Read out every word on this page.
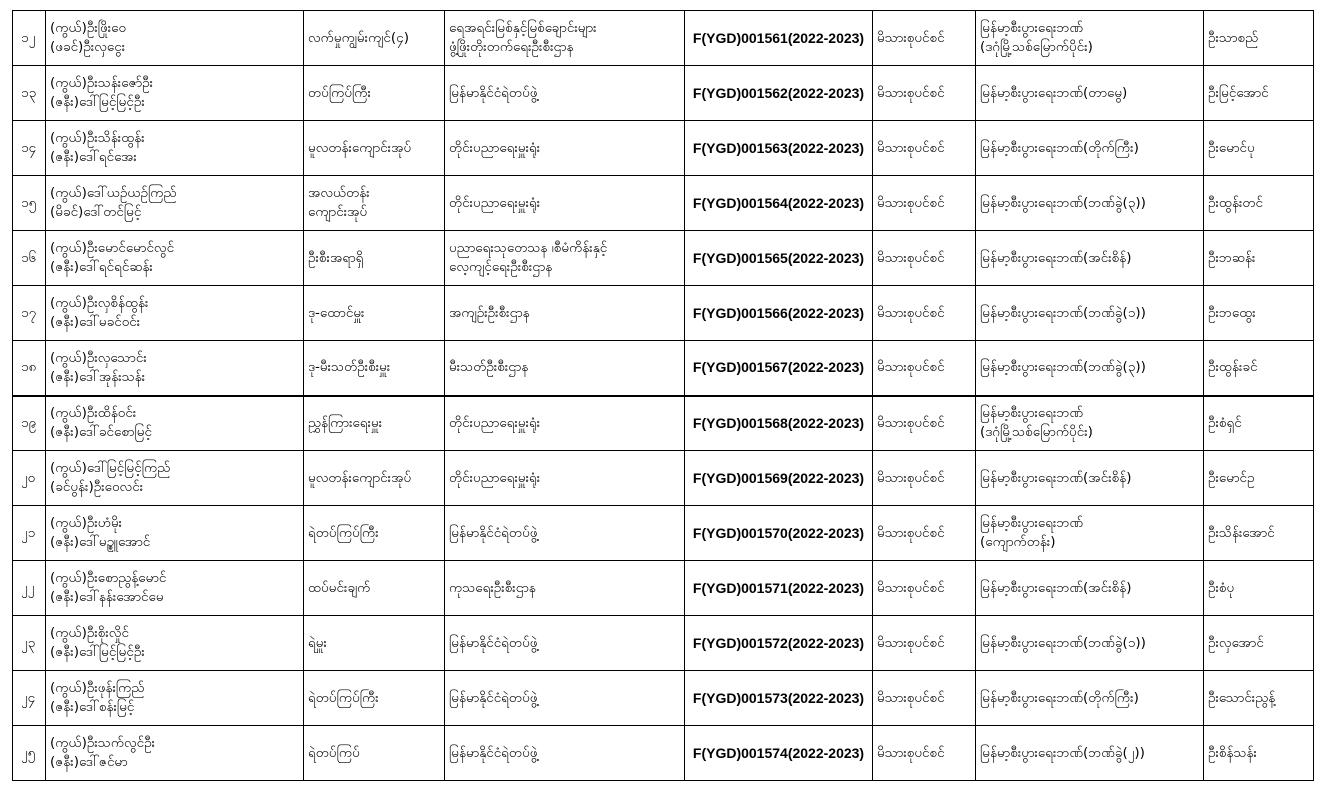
၁၂	(ကွယ်)ဦးဖြိုးဝေ
(ဖခင်)ဦးလှငွေး	လက်မှုကျွမ်းကျင်(၄)	ရေအရင်းမြစ်နှင့်မြစ်ချောင်းများ
ဖွံ့ဖြိုးတိုးတက်ရေးဦးစီးဌာန	F(YGD)001561(2022-2023)	မိသားစုပင်စင်	မြန်မာ့စီးပွားရေးဘဏ်
(ဒဂုံမြို့သစ်မြောက်ပိုင်း)	ဦးသာစည်
၁၃	(ကွယ်)ဦးသန်းဇော်ဦး
(ဇနီး)ဒေါ်မြင့်မြင့်ဦး	တပ်ကြပ်ကြီး	မြန်မာနိုင်ငံရဲတပ်ဖွဲ့	F(YGD)001562(2022-2023)	မိသားစုပင်စင်	မြန်မာ့စီးပွားရေးဘဏ်(တာမွေ)	ဦးမြင့်အောင်
၁၄	(ကွယ်)ဦးသိန်းထွန်း
(ဇနီး)ဒေါ်ရင်အေး	မူလတန်းကျောင်းအုပ်	တိုင်းပညာရေးမှူးရုံး	F(YGD)001563(2022-2023)	မိသားစုပင်စင်	မြန်မာ့စီးပွားရေးဘဏ်(တိုက်ကြီး)	ဦးမောင်ပု
၁၅	(ကွယ်)ဒေါ်ယဉ်ယဉ်ကြည်
(မိခင်)ဒေါ်တင်မြင့်	အလယ်တန်း
ကျောင်းအုပ်	တိုင်းပညာရေးမှူးရုံး	F(YGD)001564(2022-2023)	မိသားစုပင်စင်	မြန်မာ့စီးပွားရေးဘဏ်(ဘဏ်ခွဲ(၃))	ဦးထွန်းတင်
၁၆	(ကွယ်)ဦးမောင်မောင်လွင်
(ဇနီး)ဒေါ်ရင်ရင်ဆန်း	ဦးစီးအရာရှိ	ပညာရေးသုတေသန ၊စီမံကိန်းနှင့်
လေ့ကျင့်ရေးဦးစီးဌာန	F(YGD)001565(2022-2023)	မိသားစုပင်စင်	မြန်မာ့စီးပွားရေးဘဏ်(အင်းစိန်)	ဦးဘဆန်း
၁၇	(ကွယ်)ဦးလှစိန်ထွန်း
(ဇနီး)ဒေါ်မခင်ဝင်း	ဒု-ထောင်မှူး	အကျဉ်းဦးစီးဌာန	F(YGD)001566(2022-2023)	မိသားစုပင်စင်	မြန်မာ့စီးပွားရေးဘဏ်(ဘဏ်ခွဲ(၁))	ဦးဘထွေး
၁၈	(ကွယ်)ဦးလှသောင်း
(ဇနီး)ဒေါ်အုန်းသန်း	ဒု-မီးသတ်ဦးစီးမှူး	မီးသတ်ဦးစီးဌာန	F(YGD)001567(2022-2023)	မိသားစုပင်စင်	မြန်မာ့စီးပွားရေးဘဏ်(ဘဏ်ခွဲ(၃))	ဦးထွန်းခင်
၁၉	(ကွယ်)ဦးထိန်ဝင်း
(ဇနီး)ဒေါ်ခင်စောမြင့်	ညွှန်ကြားရေးမှူး	တိုင်းပညာရေးမှူးရုံး	F(YGD)001568(2022-2023)	မိသားစုပင်စင်	မြန်မာ့စီးပွားရေးဘဏ်
(ဒဂုံမြို့သစ်မြောက်ပိုင်း)	ဦးစံရှင်
၂၀	(ကွယ်)ဒေါ်မြင့်မြင့်ကြည်
(ခင်ပွန်း)ဦးဝေလင်း	မူလတန်းကျောင်းအုပ်	တိုင်းပညာရေးမှူးရုံး	F(YGD)001569(2022-2023)	မိသားစုပင်စင်	မြန်မာ့စီးပွားရေးဘဏ်(အင်းစိန်)	ဦးမောင်ဥ
၂၁	(ကွယ်)ဦးဟံမိုး
(ဇနီး)ဒေါ်မဥ္စူအောင်	ရဲတပ်ကြပ်ကြီး	မြန်မာနိုင်ငံရဲတပ်ဖွဲ့	F(YGD)001570(2022-2023)	မိသားစုပင်စင်	မြန်မာ့စီးပွားရေးဘဏ်
(ကျောက်တန်း)	ဦးသိန်းအောင်
၂၂	(ကွယ်)ဦးစောညွန့်မောင်
(ဇနီး)ဒေါ်နန်းအောင်မေ	ထပ်မင်းချက်	ကုသရေးဦးစီးဌာန	F(YGD)001571(2022-2023)	မိသားစုပင်စင်	မြန်မာ့စီးပွားရေးဘဏ်(အင်းစိန်)	ဦးစံပု
၂၃	(ကွယ်)ဦးစိုးလှိုင်
(ဇနီး)ဒေါ်မြင့်မြင့်ဦး	ရဲမှူး	မြန်မာနိုင်ငံရဲတပ်ဖွဲ့	F(YGD)001572(2022-2023)	မိသားစုပင်စင်	မြန်မာ့စီးပွားရေးဘဏ်(ဘဏ်ခွဲ(၁))	ဦးလှအောင်
၂၄	(ကွယ်)ဦးဖုန်းကြည်
(ဇနီး)ဒေါ်စန်းမြင့်	ရဲတပ်ကြပ်ကြီး	မြန်မာနိုင်ငံရဲတပ်ဖွဲ့	F(YGD)001573(2022-2023)	မိသားစုပင်စင်	မြန်မာ့စီးပွားရေးဘဏ်(တိုက်ကြီး)	ဦးသောင်းညွန့်
၂၅	(ကွယ်)ဦးသက်လွင်ဦး
(ဇနီး)ဒေါ်ဇင်မာ	ရဲတပ်ကြပ်	မြန်မာနိုင်ငံရဲတပ်ဖွဲ့	F(YGD)001574(2022-2023)	မိသားစုပင်စင်	မြန်မာ့စီးပွားရေးဘဏ်(ဘဏ်ခွဲ(၂))	ဦးစိန်သန်း
